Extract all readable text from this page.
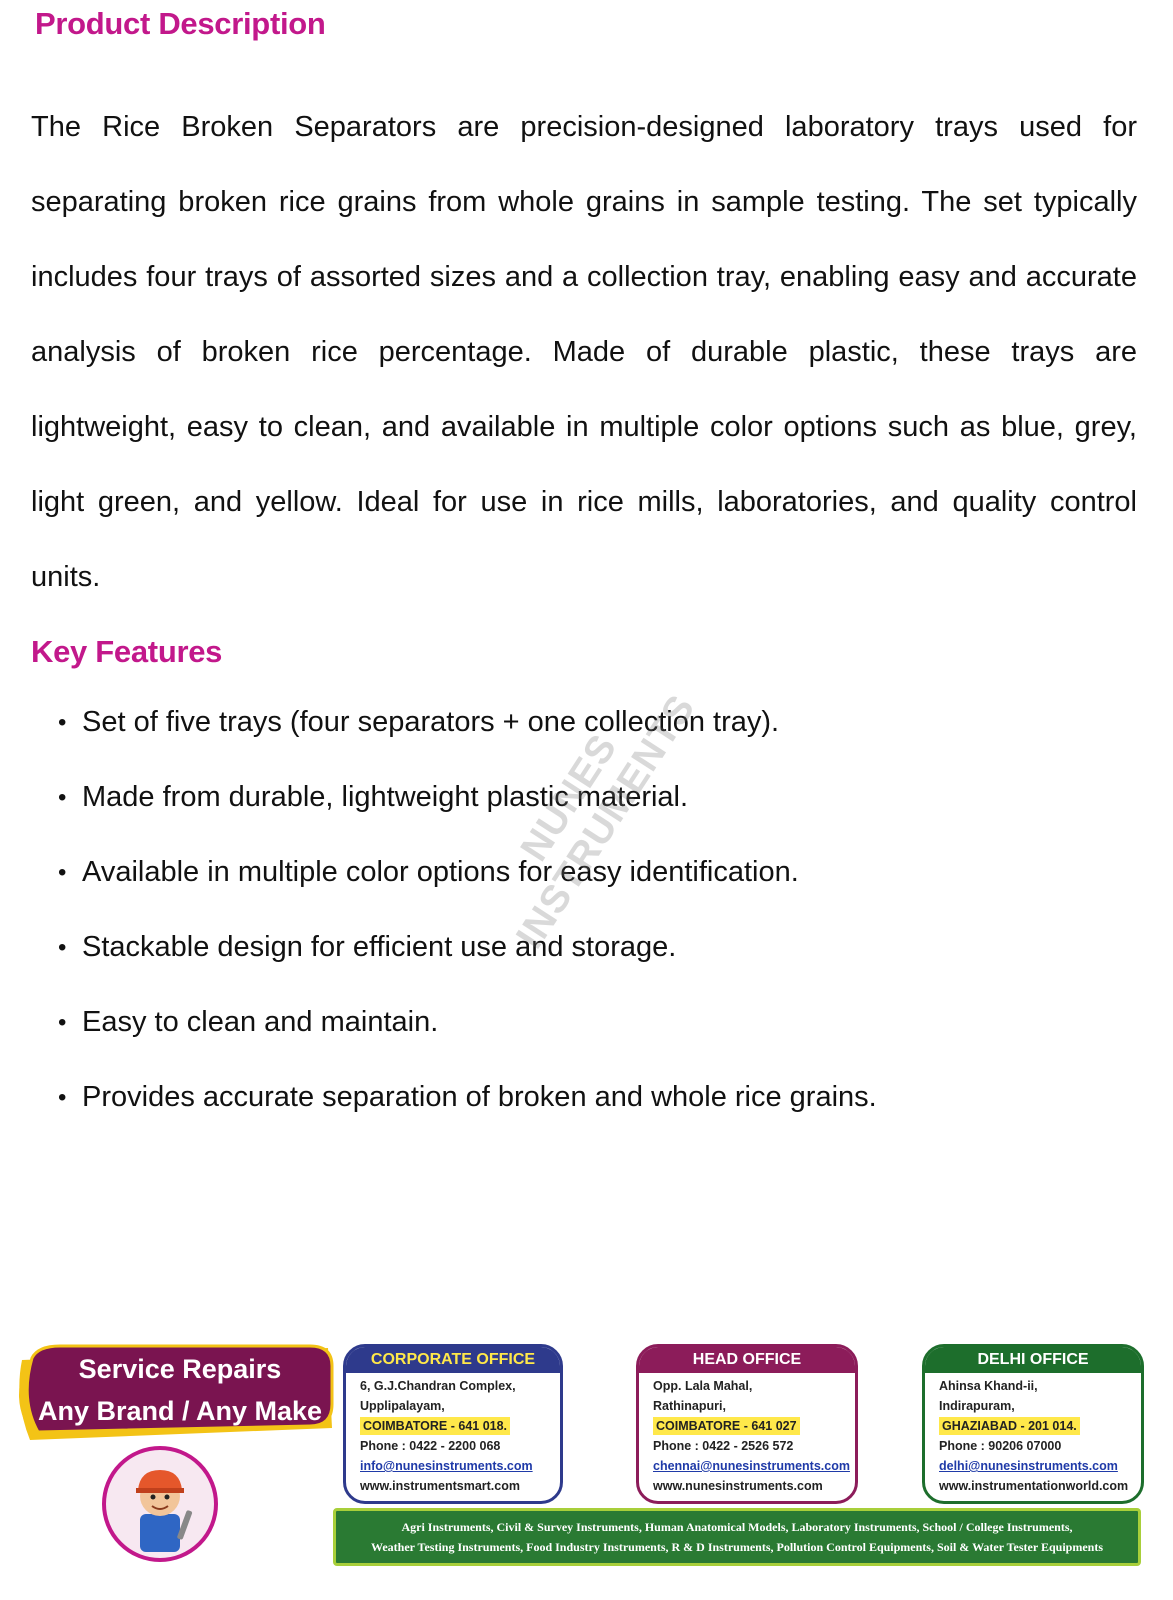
Product Description

The Rice Broken Separators are precision-designed laboratory trays used for separating broken rice grains from whole grains in sample testing. The set typically includes four trays of assorted sizes and a collection tray, enabling easy and accurate analysis of broken rice percentage. Made of durable plastic, these trays are lightweight, easy to clean, and available in multiple color options such as blue, grey, light green, and yellow. Ideal for use in rice mills, laboratories, and quality control units.

Key Features
• Set of five trays (four separators + one collection tray).
• Made from durable, lightweight plastic material.
• Available in multiple color options for easy identification.
• Stackable design for efficient use and storage.
• Easy to clean and maintain.
• Provides accurate separation of broken and whole rice grains.
NUNES INSTRUMENTS
Service Repairs
Any Brand / Any Make
CORPORATE OFFICE
6, G.J.Chandran Complex,
Upplipalayam,
COIMBATORE - 641 018.
Phone : 0422 - 2200 068
info@nunesinstruments.com
www.instrumentsmart.com
HEAD OFFICE
Opp. Lala Mahal,
Rathinapuri,
COIMBATORE - 641 027
Phone : 0422 - 2526 572
chennai@nunesinstruments.com
www.nunesinstruments.com
DELHI OFFICE
Ahinsa Khand-ii,
Indirapuram,
GHAZIABAD - 201 014.
Phone : 90206 07000
delhi@nunesinstruments.com
www.instrumentationworld.com
Agri Instruments, Civil & Survey Instruments, Human Anatomical Models, Laboratory Instruments, School / College Instruments,
Weather Testing Instruments, Food Industry Instruments, R & D Instruments, Pollution Control Equipments, Soil & Water Tester Equipments
